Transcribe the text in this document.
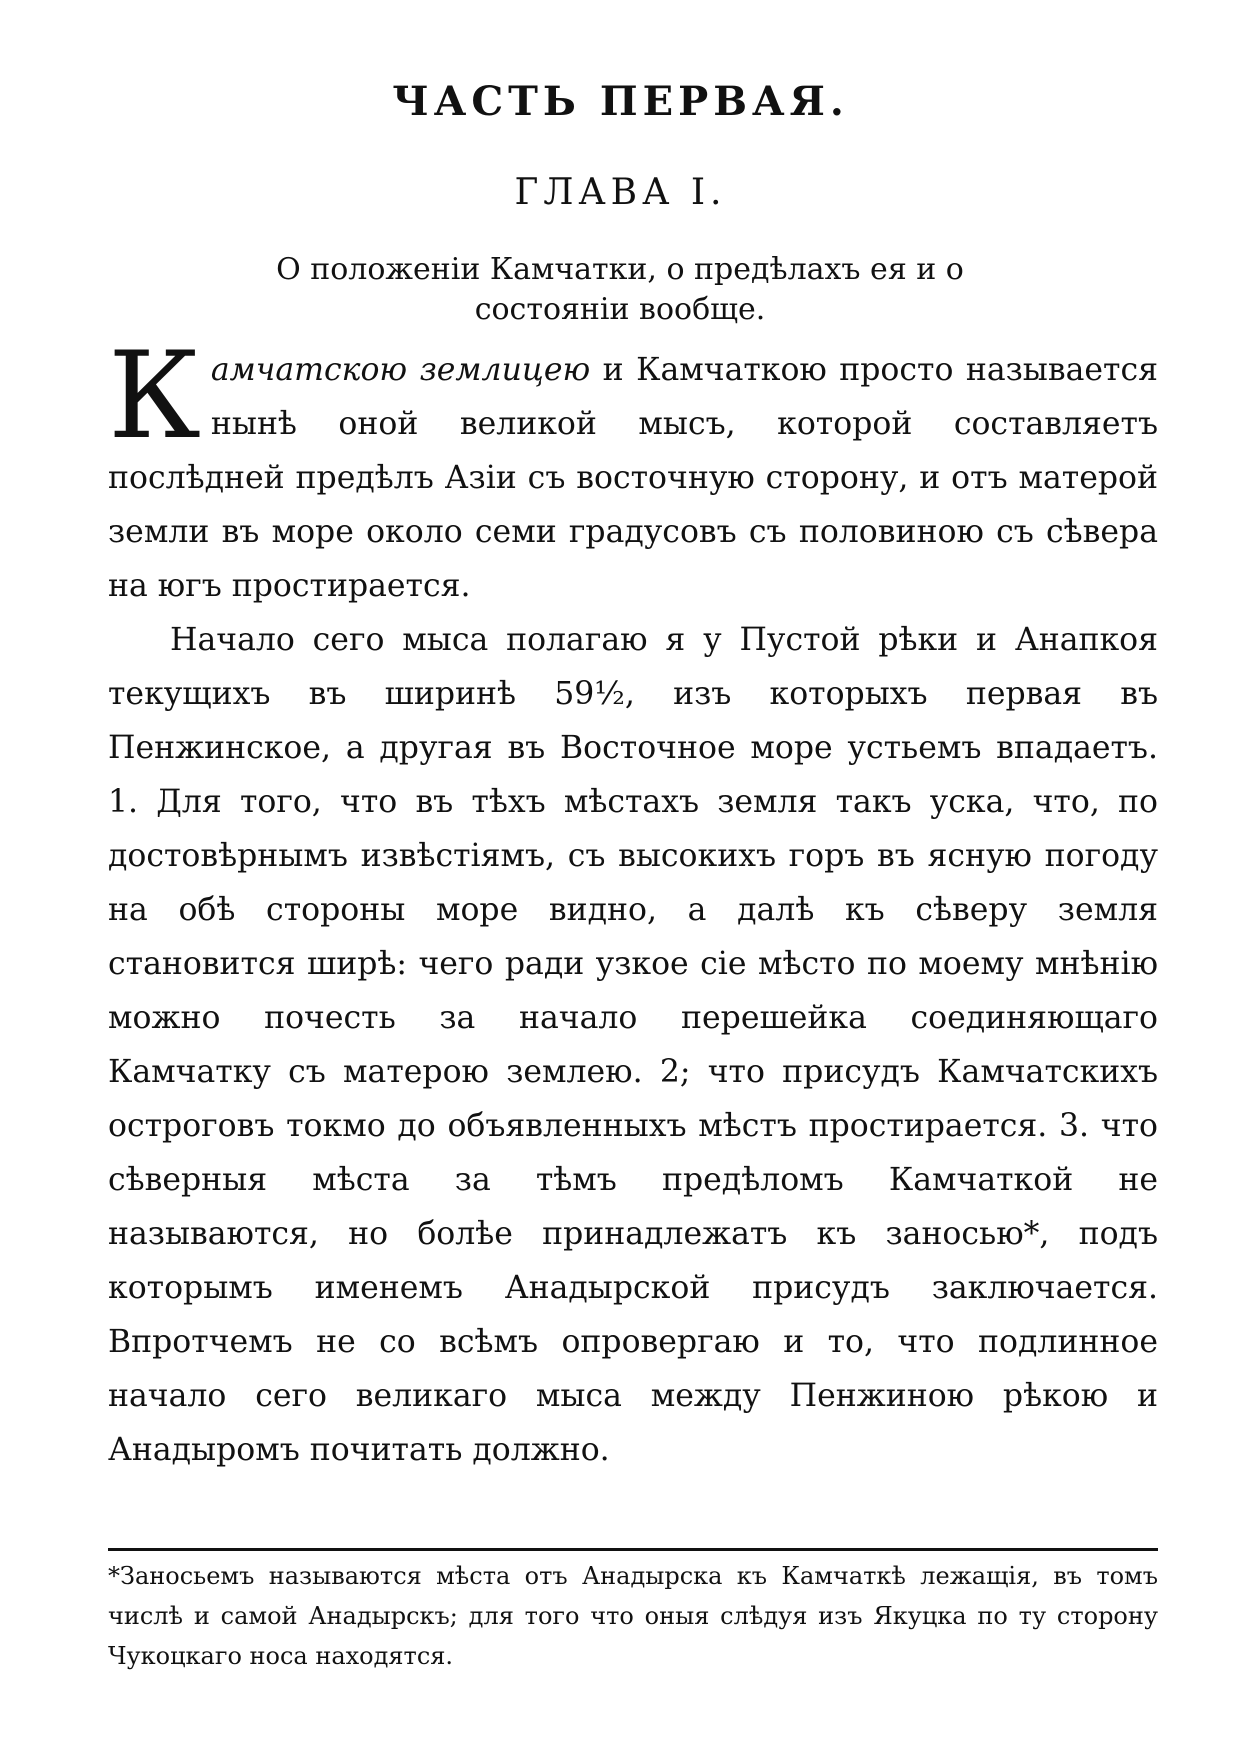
ЧАСТЬ ПЕРВАЯ.
ГЛАВА I.
О положеніи Камчатки, о предѣлахъ ея и о состояніи вообще.

Камчатскою землицею и Камчаткою просто называется нынѣ оной великой мысъ, которой составляетъ послѣдней предѣлъ Азіи съ восточную сторону, и отъ матерой земли въ море около семи градусовъ съ половиною съ сѣвера на югъ простирается.

Начало сего мыса полагаю я у Пустой рѣки и Анапкоя текущихъ въ ширинѣ 59½, изъ которыхъ первая въ Пенжинское, а другая въ Восточное море устьемъ впадаетъ. 1. Для того, что въ тѣхъ мѣстахъ земля такъ уска, что, по достовѣрнымъ извѣстіямъ, съ высокихъ горъ въ ясную погоду на обѣ стороны море видно, а далѣ къ сѣверу земля становится ширѣ: чего ради узкое сіе мѣсто по моему мнѣнію можно почесть за начало перешейка соединяющаго Камчатку съ матерою землею. 2; что присудъ Камчатскихъ остроговъ токмо до объявленныхъ мѣстъ простирается. 3. что сѣверныя мѣста за тѣмъ предѣломъ Камчаткой не называются, но болѣе принадлежатъ къ заносью*, подъ которымъ именемъ Анадырской присудъ заключается. Впротчемъ не со всѣмъ опровергаю и то, что подлинное начало сего великаго мыса между Пенжиною рѣкою и Анадыромъ почитать должно.

*Заносьемъ называются мѣста отъ Анадырска къ Камчаткѣ лежащія, въ томъ числѣ и самой Анадырскъ; для того что оныя слѣдуя изъ Якуцка по ту сторону Чукоцкаго носа находятся.
